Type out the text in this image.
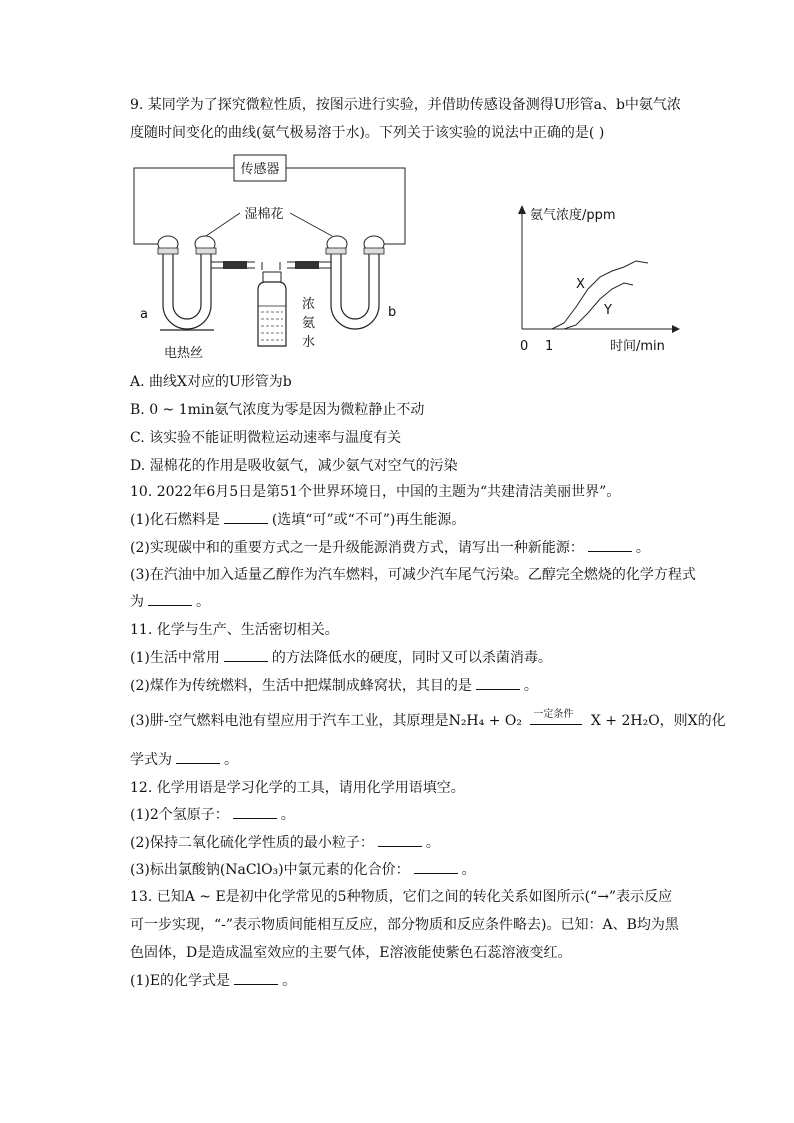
9. 某同学为了探究微粒性质，按图示进行实验，并借助传感设备测得U形管a、b中氨气浓
度随时间变化的曲线(氨气极易溶于水)。下列关于该实验的说法中正确的是( )
传感器
湿棉花
a
电热丝
b
浓
氨
水
氨气浓度/ppm
时间/min
0 1
X
Y
A. 曲线X对应的U形管为b
B. 0 ~ 1min氨气浓度为零是因为微粒静止不动
C. 该实验不能证明微粒运动速率与温度有关
D. 湿棉花的作用是吸收氨气，减少氨气对空气的污染
10. 2022年6月5日是第51个世界环境日，中国的主题为“共建清洁美丽世界”。
(1)化石燃料是	(选填“可”或“不可”)再生能源。
(2)实现碳中和的重要方式之一是升级能源消费方式，请写出一种新能源：	。
(3)在汽油中加入适量乙醇作为汽车燃料，可减少汽车尾气污染。乙醇完全燃烧的化学方程式
为	。
11. 化学与生产、生活密切相关。
(1)生活中常用	的方法降低水的硬度，同时又可以杀菌消毒。
(2)煤作为传统燃料，生活中把煤制成蜂窝状，其目的是	。
(3)肼-空气燃料电池有望应用于汽车工业，其原理是N₂H₄ + O₂ 一定条件 X + 2H₂O，则X的化
学式为	。
12. 化学用语是学习化学的工具，请用化学用语填空。
(1)2个氢原子：	。
(2)保持二氧化硫化学性质的最小粒子：	。
(3)标出氯酸钠(NaClO₃)中氯元素的化合价：	。
13. 已知A ~ E是初中化学常见的5种物质，它们之间的转化关系如图所示(“→”表示反应
可一步实现，“-”表示物质间能相互反应，部分物质和反应条件略去)。已知：A、B均为黑
色固体，D是造成温室效应的主要气体，E溶液能使紫色石蕊溶液变红。
(1)E的化学式是	。
